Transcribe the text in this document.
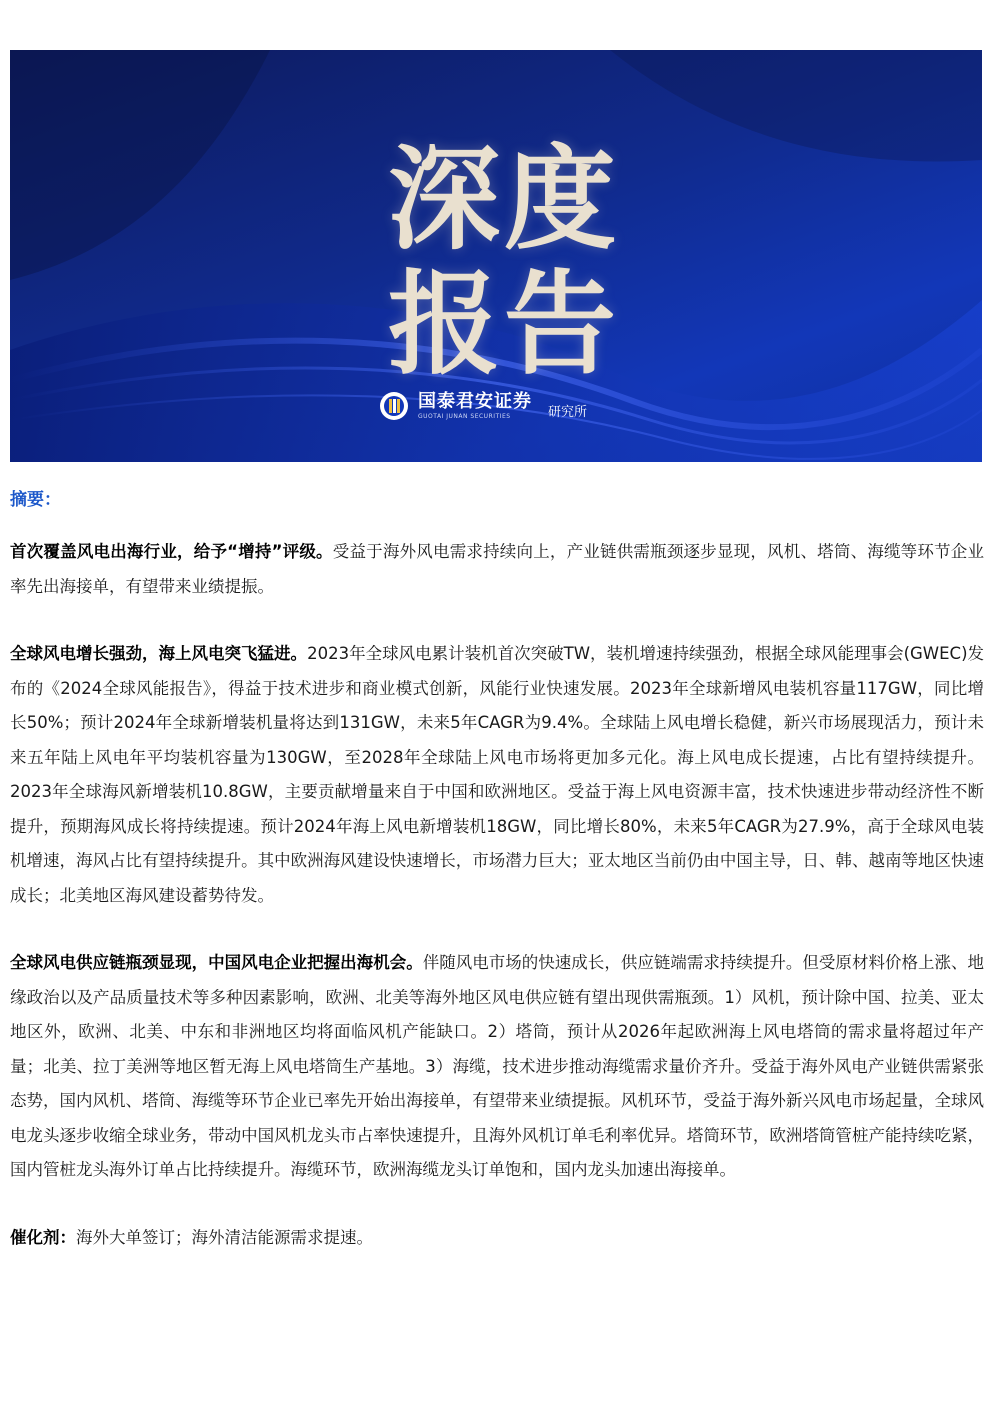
深度
报告
国泰君安证券
GUOTAI JUNAN SECURITIES	研究所
摘要：

首次覆盖风电出海行业，给予“增持”评级。受益于海外风电需求持续向上，产业链供需瓶颈逐步显现，风机、塔筒、海缆等环节企业率先出海接单，有望带来业绩提振。

全球风电增长强劲，海上风电突飞猛进。2023年全球风电累计装机首次突破TW，装机增速持续强劲，根据全球风能理事会(GWEC)发布的《2024全球风能报告》，得益于技术进步和商业模式创新，风能行业快速发展。2023年全球新增风电装机容量117GW，同比增长50%；预计2024年全球新增装机量将达到131GW，未来5年CAGR为9.4%。全球陆上风电增长稳健，新兴市场展现活力，预计未来五年陆上风电年平均装机容量为130GW，至2028年全球陆上风电市场将更加多元化。海上风电成长提速，占比有望持续提升。2023年全球海风新增装机10.8GW，主要贡献增量来自于中国和欧洲地区。受益于海上风电资源丰富，技术快速进步带动经济性不断提升，预期海风成长将持续提速。预计2024年海上风电新增装机18GW，同比增长80%，未来5年CAGR为27.9%，高于全球风电装机增速，海风占比有望持续提升。其中欧洲海风建设快速增长，市场潜力巨大；亚太地区当前仍由中国主导，日、韩、越南等地区快速成长；北美地区海风建设蓄势待发。

全球风电供应链瓶颈显现，中国风电企业把握出海机会。伴随风电市场的快速成长，供应链端需求持续提升。但受原材料价格上涨、地缘政治以及产品质量技术等多种因素影响，欧洲、北美等海外地区风电供应链有望出现供需瓶颈。1）风机，预计除中国、拉美、亚太地区外，欧洲、北美、中东和非洲地区均将面临风机产能缺口。2）塔筒，预计从2026年起欧洲海上风电塔筒的需求量将超过年产量；北美、拉丁美洲等地区暂无海上风电塔筒生产基地。3）海缆，技术进步推动海缆需求量价齐升。受益于海外风电产业链供需紧张态势，国内风机、塔筒、海缆等环节企业已率先开始出海接单，有望带来业绩提振。风机环节，受益于海外新兴风电市场起量，全球风电龙头逐步收缩全球业务，带动中国风机龙头市占率快速提升，且海外风机订单毛利率优异。塔筒环节，欧洲塔筒管桩产能持续吃紧，国内管桩龙头海外订单占比持续提升。海缆环节，欧洲海缆龙头订单饱和，国内龙头加速出海接单。

催化剂：海外大单签订；海外清洁能源需求提速。
